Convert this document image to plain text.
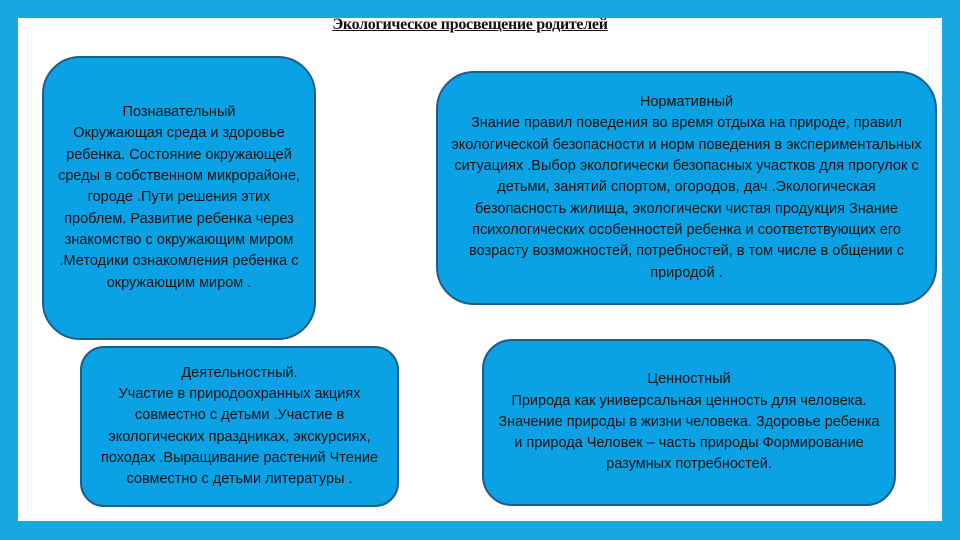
Экологическое просвещение родителей
Познавательный
Окружающая среда и здоровье ребенка. Состояние окружающей среды в собственном микрорайоне, городе .Пути решения этих проблем. Развитие ребенка через знакомство с окружающим миром .Методики ознакомления ребенка с окружающим миром .
Нормативный
Знание правил поведения во время отдыха на природе, правил экологической безопасности и норм поведения в экспериментальных ситуациях .Выбор экологически безопасных участков для прогулок с детьми, занятий спортом, огородов, дач .Экологическая безопасность жилища, экологически чистая продукция Знание психологических особенностей ребенка и соответствующих его возрасту возможностей, потребностей, в том числе в общении с природой .
Деятельностный.
Участие в природоохранных акциях совместно с детьми .Участие в экологических праздниках, экскурсиях, походах .Выращивание растений Чтение совместно с детьми литературы .
Ценностный
Природа как универсальная ценность для человека. Значение природы в жизни человека. Здоровье ребенка и природа Человек – часть природы Формирование разумных потребностей.
